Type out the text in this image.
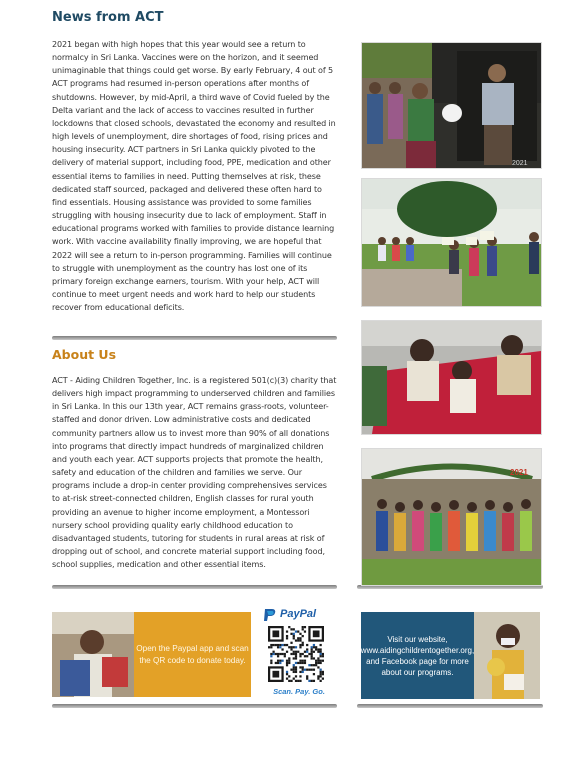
News from ACT

2021 began with high hopes that this year would see a return to normalcy in Sri Lanka. Vaccines were on the horizon, and it seemed unimaginable that things could get worse. By early February, 4 out of 5 ACT programs had resumed in-person operations after months of shutdowns. However, by mid-April, a third wave of Covid fueled by the Delta variant and the lack of access to vaccines resulted in further lockdowns that closed schools, devastated the economy and resulted in high levels of unemployment, dire shortages of food, rising prices and housing insecurity. ACT partners in Sri Lanka quickly pivoted to the delivery of material support, including food, PPE, medication and other essential items to families in need. Putting themselves at risk, these dedicated staff sourced, packaged and delivered these often hard to find essentials. Housing assistance was provided to some families struggling with housing insecurity due to lack of employment. Staff in educational programs worked with families to provide distance learning work. With vaccine availability finally improving, we are hopeful that 2022 will see a return to in-person programming. Families will continue to struggle with unemployment as the country has lost one of its primary foreign exchange earners, tourism. With your help, ACT will continue to meet urgent needs and work hard to help our students recover from educational deficits.

About Us

ACT - Aiding Children Together, Inc. is a registered 501(c)(3) charity that delivers high impact programming to underserved children and families in Sri Lanka. In this our 13th year, ACT remains grass-roots, volunteer-staffed and donor driven. Low administrative costs and dedicated community partners allow us to invest more than 90% of all donations into programs that directly impact hundreds of marginalized children and youth each year. ACT supports projects that promote the health, safety and education of the children and families we serve. Our programs include a drop-in center providing comprehensives services to at-risk street-connected children, English classes for rural youth providing an avenue to higher income employment, a Montessori nursery school providing quality early childhood education to disadvantaged students, tutoring for students in rural areas at risk of dropping out of school, and concrete material support including food, school supplies, medication and other essential items.

2021
2021
Open the Paypal app and scan the QR code to donate today.
PayPal
Scan. Pay. Go.
Visit our website, www.aidingchildrentogether.org, and Facebook page for more about our programs.
